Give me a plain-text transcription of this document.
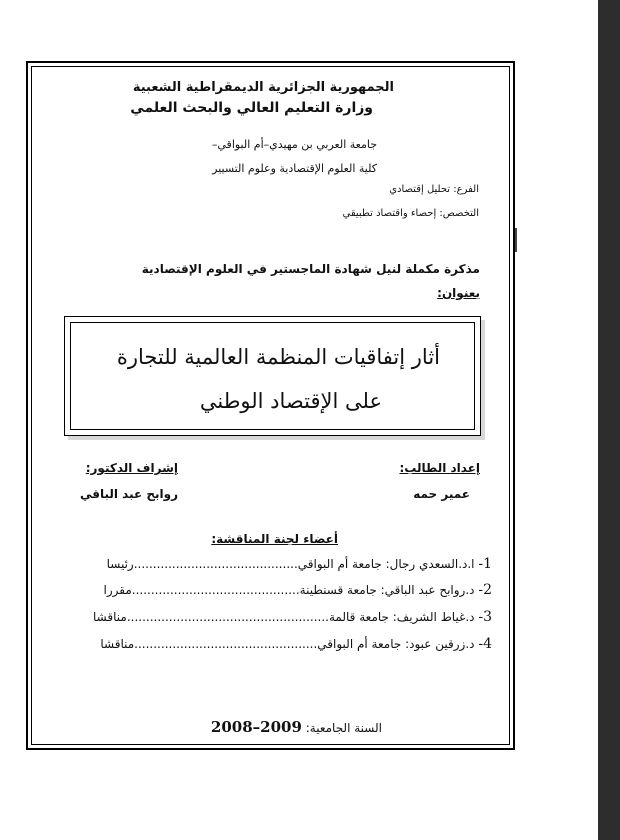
الجمهورية الجزائرية الديمقراطية الشعبية
وزارة التعليم العالي والبحث العلمي
جامعة العربي بن مهيدي–أم البواقي–
كلية العلوم الإقتصادية وعلوم التسيير
الفرع: تحليل إقتصادي
التخصص: إحصاء واقتصاد تطبيقي
مذكرة مكملة لنيل شهادة الماجستير في العلوم الإقتصادية
بعنوان:
أثار إتفاقيات المنظمة العالمية للتجارة
على الإقتصاد الوطني
إعداد الطالب:
عمير حمه
إشراف الدكتور:
روابح عبد الباقي
أعضاء لجنة المناقشة:
1- ا.د.السعدي رجال: جامعة أم البواقي...........................................رئيسا
2- د.روابح عبد الباقي: جامعة قسنطينة............................................مقررا
3- د.غياط الشريف: جامعة قالمة.....................................................مناقشا
4- د.زرقين عبود: جامعة أم البواقي................................................مناقشا
السنة الجامعية: 2009–2008
